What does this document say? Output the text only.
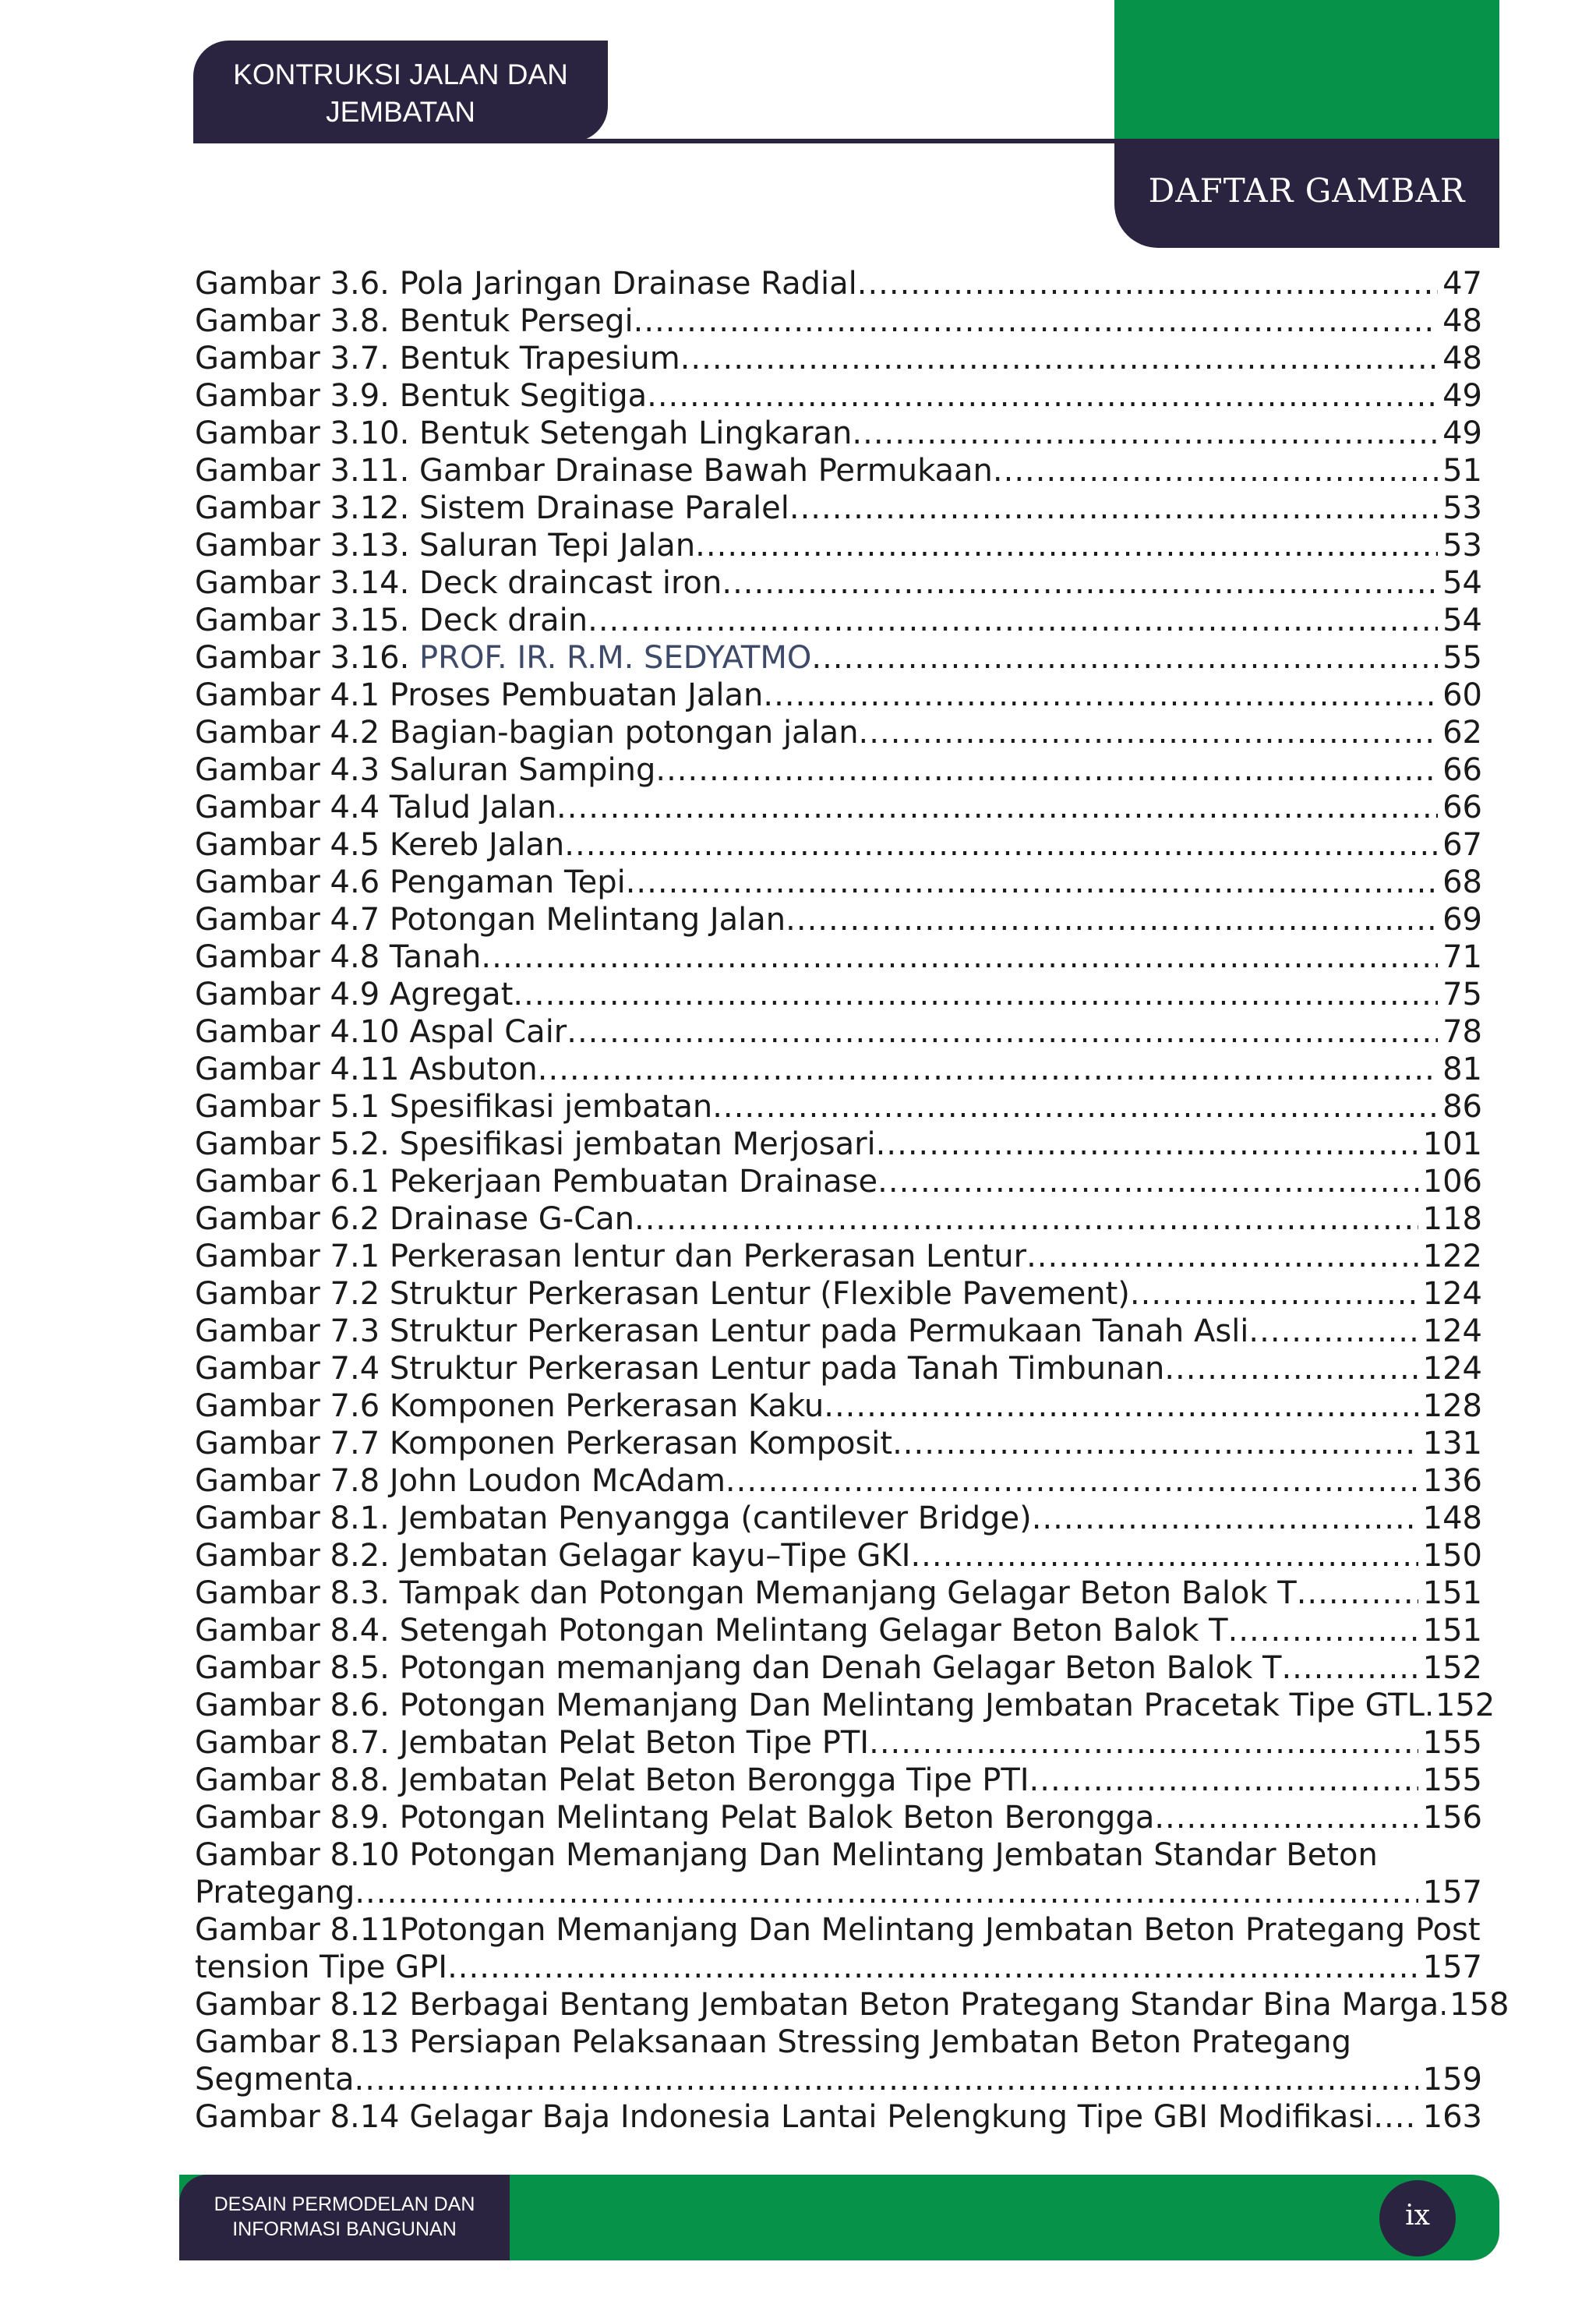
KONTRUKSI JALAN DAN
JEMBATAN
DAFTAR GAMBAR
Gambar 3.6. Pola Jaringan Drainase Radial .....	47
Gambar 3.8. Bentuk Persegi .....	48
Gambar 3.7. Bentuk Trapesium .....	48
Gambar 3.9. Bentuk Segitiga .....	49
Gambar 3.10. Bentuk Setengah Lingkaran .....	49
Gambar 3.11. Gambar Drainase Bawah Permukaan .....	51
Gambar 3.12. Sistem Drainase Paralel .....	53
Gambar 3.13. Saluran Tepi Jalan .....	53
Gambar 3.14. Deck draincast iron .....	54
Gambar 3.15. Deck drain .....	54
Gambar 3.16. PROF. IR. R.M. SEDYATMO .....	55
Gambar 4.1 Proses Pembuatan Jalan .....	60
Gambar 4.2 Bagian-bagian potongan jalan .....	62
Gambar 4.3 Saluran Samping .....	66
Gambar 4.4 Talud Jalan .....	66
Gambar 4.5 Kereb Jalan .....	67
Gambar 4.6 Pengaman Tepi .....	68
Gambar 4.7 Potongan Melintang Jalan .....	69
Gambar 4.8 Tanah .....	71
Gambar 4.9 Agregat .....	75
Gambar 4.10 Aspal Cair .....	78
Gambar 4.11 Asbuton .....	81
Gambar 5.1 Spesifikasi jembatan .....	86
Gambar 5.2. Spesifikasi jembatan Merjosari .....	101
Gambar 6.1 Pekerjaan Pembuatan Drainase .....	106
Gambar 6.2 Drainase G-Can .....	118
Gambar 7.1 Perkerasan lentur dan Perkerasan Lentur .....	122
Gambar 7.2 Struktur Perkerasan Lentur (Flexible Pavement) .....	124
Gambar 7.3 Struktur Perkerasan Lentur pada Permukaan Tanah Asli .....	124
Gambar 7.4 Struktur Perkerasan Lentur pada Tanah Timbunan .....	124
Gambar 7.6 Komponen Perkerasan Kaku .....	128
Gambar 7.7 Komponen Perkerasan Komposit .....	131
Gambar 7.8 John Loudon McAdam .....	136
Gambar 8.1. Jembatan Penyangga (cantilever Bridge) .....	148
Gambar 8.2. Jembatan Gelagar kayu–Tipe GKI .....	150
Gambar 8.3. Tampak dan Potongan Memanjang Gelagar Beton Balok T .....	151
Gambar 8.4. Setengah Potongan Melintang Gelagar Beton Balok T .....	151
Gambar 8.5. Potongan memanjang dan Denah Gelagar Beton Balok T .....	152
Gambar 8.6. Potongan Memanjang Dan Melintang Jembatan Pracetak Tipe GTL ..... 152
Gambar 8.7. Jembatan Pelat Beton Tipe PTI .....	155
Gambar 8.8. Jembatan Pelat Beton Berongga Tipe PTI .....	155
Gambar 8.9. Potongan Melintang Pelat Balok Beton Berongga .....	156
Gambar 8.10 Potongan Memanjang Dan Melintang Jembatan Standar Beton
Prategang .....	157
Gambar 8.11Potongan Memanjang Dan Melintang Jembatan Beton Prategang Post
tension Tipe GPI .....	157
Gambar 8.12 Berbagai Bentang Jembatan Beton Prategang Standar Bina Marga ..... 158
Gambar 8.13 Persiapan Pelaksanaan Stressing Jembatan Beton Prategang
Segmenta .....	159
Gambar 8.14 Gelagar Baja Indonesia Lantai Pelengkung Tipe GBI Modifikasi ..... 163
DESAIN PERMODELAN DAN
INFORMASI BANGUNAN	ix
